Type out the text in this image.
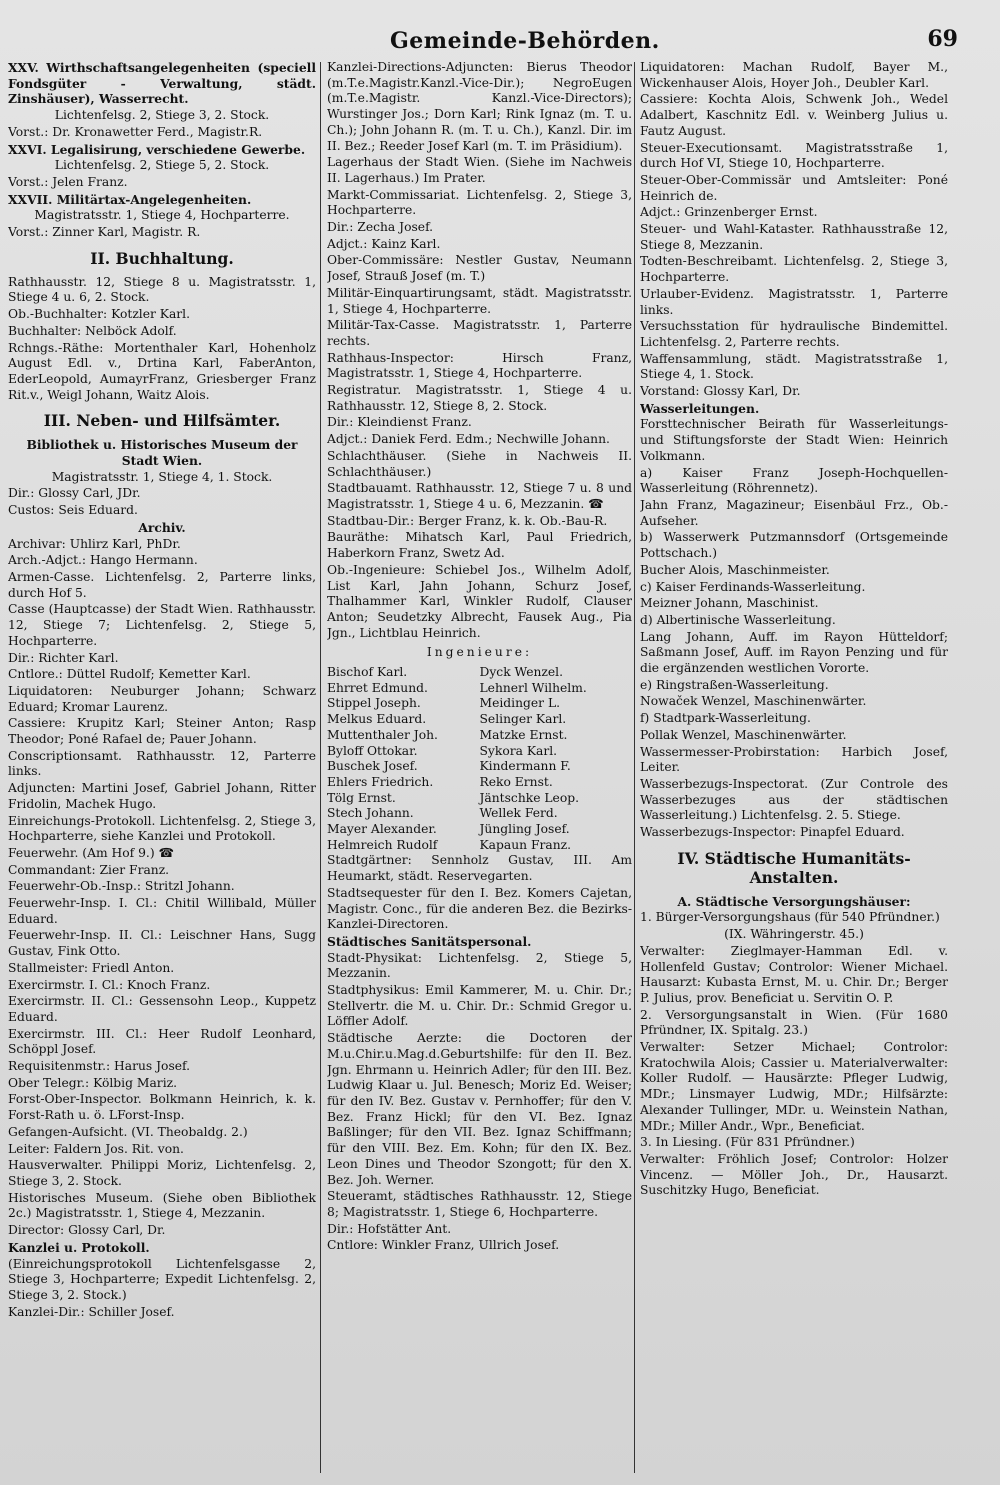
Gemeinde-Behörden.	69

XXV. Wirthschaftsangelegenheiten (speciell Fondsgüter - Verwaltung, städt. Zinshäuser), Wasserrecht.

Lichtenfelsg. 2, Stiege 3, 2. Stock.

Vorst.: Dr. Kronawetter Ferd., Magistr.R.

XXVI. Legalisirung, verschiedene Gewerbe.

Lichtenfelsg. 2, Stiege 5, 2. Stock.

Vorst.: Jelen Franz.

XXVII. Militärtax-Angelegenheiten.

Magistratsstr. 1, Stiege 4, Hochparterre.

Vorst.: Zinner Karl, Magistr. R.

II. Buchhaltung.

Rathhausstr. 12, Stiege 8 u. Magistratsstr. 1, Stiege 4 u. 6, 2. Stock.

Ob.-Buchhalter: Kotzler Karl.

Buchhalter: Nelböck Adolf.

Rchngs.-Räthe: Mortenthaler Karl, Hohenholz August Edl. v., Drtina Karl, FaberAnton, EderLeopold, AumayrFranz, Griesberger Franz Rit.v., Weigl Johann, Waitz Alois.

III. Neben- und Hilfsämter.

Bibliothek u. Historisches Museum der Stadt Wien.

Magistratsstr. 1, Stiege 4, 1. Stock.

Dir.: Glossy Carl, JDr.

Custos: Seis Eduard.

Archiv.

Archivar: Uhlirz Karl, PhDr.

Arch.-Adjct.: Hango Hermann.

Armen-Casse. Lichtenfelsg. 2, Parterre links, durch Hof 5.

Casse (Hauptcasse) der Stadt Wien. Rathhausstr. 12, Stiege 7; Lichtenfelsg. 2, Stiege 5, Hochparterre.

Dir.: Richter Karl.

Cntlore.: Düttel Rudolf; Kemetter Karl.

Liquidatoren: Neuburger Johann; Schwarz Eduard; Kromar Laurenz.

Cassiere: Krupitz Karl; Steiner Anton; Rasp Theodor; Poné Rafael de; Pauer Johann.

Conscriptionsamt. Rathhausstr. 12, Parterre links.

Adjuncten: Martini Josef, Gabriel Johann, Ritter Fridolin, Machek Hugo.

Einreichungs-Protokoll. Lichtenfelsg. 2, Stiege 3, Hochparterre, siehe Kanzlei und Protokoll.

Feuerwehr. (Am Hof 9.) ☎

Commandant: Zier Franz.

Feuerwehr-Ob.-Insp.: Stritzl Johann.

Feuerwehr-Insp. I. Cl.: Chitil Willibald, Müller Eduard.

Feuerwehr-Insp. II. Cl.: Leischner Hans, Sugg Gustav, Fink Otto.

Stallmeister: Friedl Anton.

Exercirmstr. I. Cl.: Knoch Franz.

Exercirmstr. II. Cl.: Gessensohn Leop., Kuppetz Eduard.

Exercirmstr. III. Cl.: Heer Rudolf Leonhard, Schöppl Josef.

Requisitenmstr.: Harus Josef.

Ober Telegr.: Kölbig Mariz.

Forst-Ober-Inspector. Bolkmann Heinrich, k. k. Forst-Rath u. ö. LForst-Insp.

Gefangen-Aufsicht. (VI. Theobaldg. 2.)

Leiter: Faldern Jos. Rit. von.

Hausverwalter. Philippi Moriz, Lichtenfelsg. 2, Stiege 3, 2. Stock.

Historisches Museum. (Siehe oben Bibliothek 2c.) Magistratsstr. 1, Stiege 4, Mezzanin.

Director: Glossy Carl, Dr.

Kanzlei u. Protokoll.

(Einreichungsprotokoll Lichtenfelsgasse 2, Stiege 3, Hochparterre; Expedit Lichtenfelsg. 2, Stiege 3, 2. Stock.)

Kanzlei-Dir.: Schiller Josef.

Kanzlei-Directions-Adjuncten: Bierus Theodor (m.T.e.Magistr.Kanzl.-Vice-Dir.); NegroEugen (m.T.e.Magistr. Kanzl.-Vice-Directors); Wurstinger Jos.; Dorn Karl; Rink Ignaz (m. T. u. Ch.); John Johann R. (m. T. u. Ch.), Kanzl. Dir. im II. Bez.; Reeder Josef Karl (m. T. im Präsidium).

Lagerhaus der Stadt Wien. (Siehe im Nachweis II. Lagerhaus.) Im Prater.

Markt-Commissariat. Lichtenfelsg. 2, Stiege 3, Hochparterre.

Dir.: Zecha Josef.

Adjct.: Kainz Karl.

Ober-Commissäre: Nestler Gustav, Neumann Josef, Strauß Josef (m. T.)

Militär-Einquartirungsamt, städt. Magistratsstr. 1, Stiege 4, Hochparterre.

Militär-Tax-Casse. Magistratsstr. 1, Parterre rechts.

Rathhaus-Inspector: Hirsch Franz, Magistratsstr. 1, Stiege 4, Hochparterre.

Registratur. Magistratsstr. 1, Stiege 4 u. Rathhausstr. 12, Stiege 8, 2. Stock.

Dir.: Kleindienst Franz.

Adjct.: Daniek Ferd. Edm.; Nechwille Johann.

Schlachthäuser. (Siehe in Nachweis II. Schlachthäuser.)

Stadtbauamt. Rathhausstr. 12, Stiege 7 u. 8 und Magistratsstr. 1, Stiege 4 u. 6, Mezzanin. ☎

Stadtbau-Dir.: Berger Franz, k. k. Ob.-Bau-R.

Bauräthe: Mihatsch Karl, Paul Friedrich, Haberkorn Franz, Swetz Ad.

Ob.-Ingenieure: Schiebel Jos., Wilhelm Adolf, List Karl, Jahn Johann, Schurz Josef, Thalhammer Karl, Winkler Rudolf, Clauser Anton; Seudetzky Albrecht, Fausek Aug., Pia Jgn., Lichtblau Heinrich.

Ingenieure:

Bischof Karl.	Dyck Wenzel.
Ehrret Edmund.	Lehnerl Wilhelm.
Stippel Joseph.	Meidinger L.
Melkus Eduard.	Selinger Karl.
Muttenthaler Joh.	Matzke Ernst.
Byloff Ottokar.	Sykora Karl.
Buschek Josef.	Kindermann F.
Ehlers Friedrich.	Reko Ernst.
Tölg Ernst.	Jäntschke Leop.
Stech Johann.	Wellek Ferd.
Mayer Alexander.	Jüngling Josef.
Helmreich Rudolf	Kapaun Franz.

Stadtgärtner: Sennholz Gustav, III. Am Heumarkt, städt. Reservegarten.

Stadtsequester für den I. Bez. Komers Cajetan, Magistr. Conc., für die anderen Bez. die Bezirks-Kanzlei-Directoren.

Städtisches Sanitätspersonal.

Stadt-Physikat: Lichtenfelsg. 2, Stiege 5, Mezzanin.

Stadtphysikus: Emil Kammerer, M. u. Chir. Dr.; Stellvertr. die M. u. Chir. Dr.: Schmid Gregor u. Löffler Adolf.

Städtische Aerzte: die Doctoren der M.u.Chir.u.Mag.d.Geburtshilfe: für den II. Bez. Jgn. Ehrmann u. Heinrich Adler; für den III. Bez. Ludwig Klaar u. Jul. Benesch; Moriz Ed. Weiser; für den IV. Bez. Gustav v. Pernhoffer; für den V. Bez. Franz Hickl; für den VI. Bez. Ignaz Baßlinger; für den VII. Bez. Ignaz Schiffmann; für den VIII. Bez. Em. Kohn; für den IX. Bez. Leon Dines und Theodor Szongott; für den X. Bez. Joh. Werner.

Steueramt, städtisches Rathhausstr. 12, Stiege 8; Magistratsstr. 1, Stiege 6, Hochparterre.

Dir.: Hofstätter Ant.

Cntlore: Winkler Franz, Ullrich Josef.

Liquidatoren: Machan Rudolf, Bayer M., Wickenhauser Alois, Hoyer Joh., Deubler Karl.

Cassiere: Kochta Alois, Schwenk Joh., Wedel Adalbert, Kaschnitz Edl. v. Weinberg Julius u. Fautz August.

Steuer-Executionsamt. Magistratsstraße 1, durch Hof VI, Stiege 10, Hochparterre.

Steuer-Ober-Commissär und Amtsleiter: Poné Heinrich de.

Adjct.: Grinzenberger Ernst.

Steuer- und Wahl-Kataster. Rathhausstraße 12, Stiege 8, Mezzanin.

Todten-Beschreibamt. Lichtenfelsg. 2, Stiege 3, Hochparterre.

Urlauber-Evidenz. Magistratsstr. 1, Parterre links.

Versuchsstation für hydraulische Bindemittel. Lichtenfelsg. 2, Parterre rechts.

Waffensammlung, städt. Magistratsstraße 1, Stiege 4, 1. Stock.

Vorstand: Glossy Karl, Dr.

Wasserleitungen.

Forsttechnischer Beirath für Wasserleitungs- und Stiftungsforste der Stadt Wien: Heinrich Volkmann.

a) Kaiser Franz Joseph-Hochquellen-Wasserleitung (Röhrennetz).

Jahn Franz, Magazineur; Eisenbäul Frz., Ob.-Aufseher.

b) Wasserwerk Putzmannsdorf (Ortsgemeinde Pottschach.)

Bucher Alois, Maschinmeister.

c) Kaiser Ferdinands-Wasserleitung.

Meizner Johann, Maschinist.

d) Albertinische Wasserleitung.

Lang Johann, Auff. im Rayon Hütteldorf; Saßmann Josef, Auff. im Rayon Penzing und für die ergänzenden westlichen Vororte.

e) Ringstraßen-Wasserleitung.

Nowaček Wenzel, Maschinenwärter.

f) Stadtpark-Wasserleitung.

Pollak Wenzel, Maschinenwärter.

Wassermesser-Probirstation: Harbich Josef, Leiter.

Wasserbezugs-Inspectorat. (Zur Controle des Wasserbezuges aus der städtischen Wasserleitung.) Lichtenfelsg. 2. 5. Stiege.

Wasserbezugs-Inspector: Pinapfel Eduard.

IV. Städtische Humanitäts-Anstalten.

A. Städtische Versorgungshäuser:

1. Bürger-Versorgungshaus (für 540 Pfründner.)

(IX. Währingerstr. 45.)

Verwalter: Zieglmayer-Hamman Edl. v. Hollenfeld Gustav; Controlor: Wiener Michael. Hausarzt: Kubasta Ernst, M. u. Chir. Dr.; Berger P. Julius, prov. Beneficiat u. Servitin O. P.

2. Versorgungsanstalt in Wien. (Für 1680 Pfründner, IX. Spitalg. 23.)

Verwalter: Setzer Michael; Controlor: Kratochwila Alois; Cassier u. Materialverwalter: Koller Rudolf. — Hausärzte: Pfleger Ludwig, MDr.; Linsmayer Ludwig, MDr.; Hilfsärzte: Alexander Tullinger, MDr. u. Weinstein Nathan, MDr.; Miller Andr., Wpr., Beneficiat.

3. In Liesing. (Für 831 Pfründner.)

Verwalter: Fröhlich Josef; Controlor: Holzer Vincenz. — Möller Joh., Dr., Hausarzt. Suschitzky Hugo, Beneficiat.
